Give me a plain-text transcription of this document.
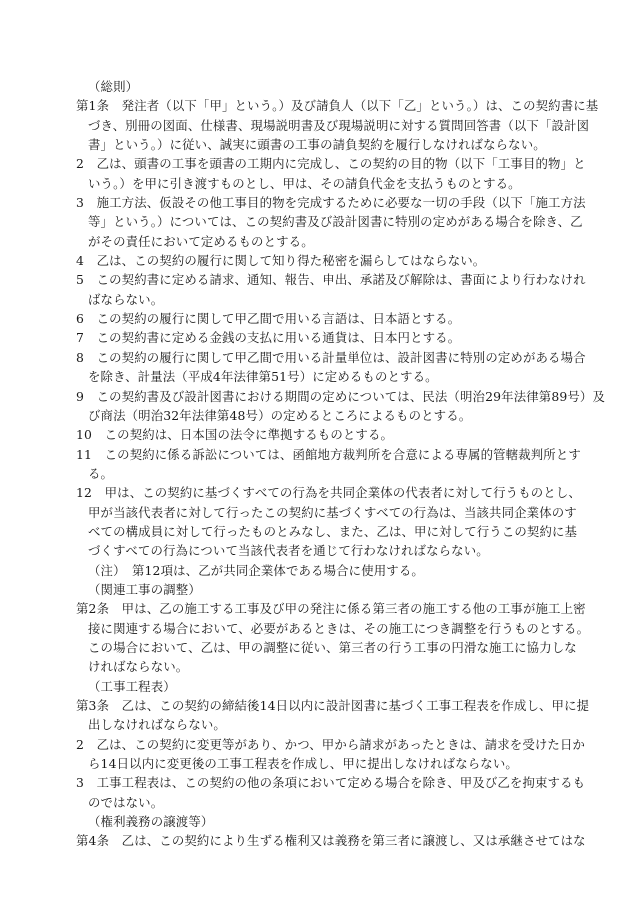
（総則）
第1条　発注者（以下「甲」という。）及び請負人（以下「乙」という。）は、この契約書に基
づき、別冊の図面、仕様書、現場説明書及び現場説明に対する質問回答書（以下「設計図
書」という。）に従い、誠実に頭書の工事の請負契約を履行しなければならない。
2　乙は、頭書の工事を頭書の工期内に完成し、この契約の目的物（以下「工事目的物」と
いう。）を甲に引き渡すものとし、甲は、その請負代金を支払うものとする。
3　施工方法、仮設その他工事目的物を完成するために必要な一切の手段（以下「施工方法
等」という。）については、この契約書及び設計図書に特別の定めがある場合を除き、乙
がその責任において定めるものとする。
4　乙は、この契約の履行に関して知り得た秘密を漏らしてはならない。
5　この契約書に定める請求、通知、報告、申出、承諾及び解除は、書面により行わなけれ
ばならない。
6　この契約の履行に関して甲乙間で用いる言語は、日本語とする。
7　この契約書に定める金銭の支払に用いる通貨は、日本円とする。
8　この契約の履行に関して甲乙間で用いる計量単位は、設計図書に特別の定めがある場合
を除き、計量法（平成4年法律第51号）に定めるものとする。
9　この契約書及び設計図書における期間の定めについては、民法（明治29年法律第89号）及
び商法（明治32年法律第48号）の定めるところによるものとする。
10　この契約は、日本国の法令に準拠するものとする。
11　この契約に係る訴訟については、函館地方裁判所を合意による専属的管轄裁判所とす
る。
12　甲は、この契約に基づくすべての行為を共同企業体の代表者に対して行うものとし、
甲が当該代表者に対して行ったこの契約に基づくすべての行為は、当該共同企業体のす
べての構成員に対して行ったものとみなし、また、乙は、甲に対して行うこの契約に基
づくすべての行為について当該代表者を通じて行わなければならない。
（注）　第12項は、乙が共同企業体である場合に使用する。
（関連工事の調整）
第2条　甲は、乙の施工する工事及び甲の発注に係る第三者の施工する他の工事が施工上密
接に関連する場合において、必要があるときは、その施工につき調整を行うものとする。
この場合において、乙は、甲の調整に従い、第三者の行う工事の円滑な施工に協力しな
ければならない。
（工事工程表）
第3条　乙は、この契約の締結後14日以内に設計図書に基づく工事工程表を作成し、甲に提
出しなければならない。
2　乙は、この契約に変更等があり、かつ、甲から請求があったときは、請求を受けた日か
ら14日以内に変更後の工事工程表を作成し、甲に提出しなければならない。
3　工事工程表は、この契約の他の条項において定める場合を除き、甲及び乙を拘束するも
のではない。
（権利義務の譲渡等）
第4条　乙は、この契約により生ずる権利又は義務を第三者に譲渡し、又は承継させてはな
